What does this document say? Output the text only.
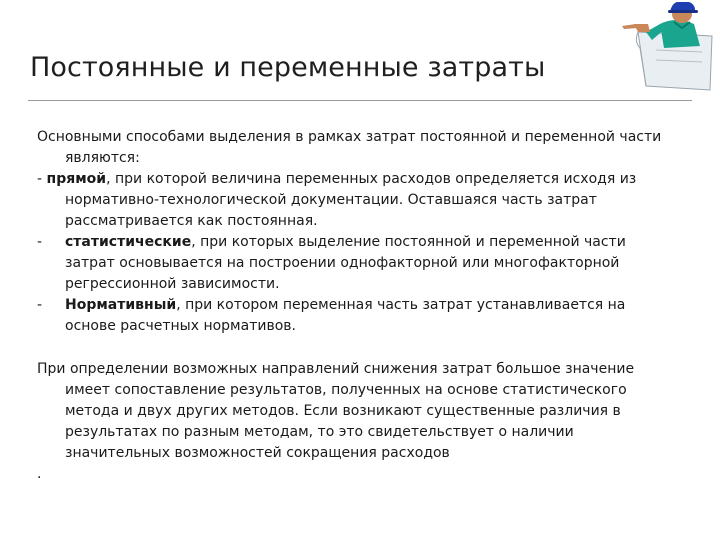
Постоянные и переменные затраты

Основными способами выделения в рамках затрат постоянной и переменной части являются:

- прямой, при которой величина переменных расходов определяется исходя из нормативно-технологической документации. Оставшаяся часть затрат рассматривается как постоянная.

-	статистические, при которых выделение постоянной и переменной части затрат основывается на построении однофакторной или многофакторной регрессионной зависимости.
-	Нормативный, при котором переменная часть затрат устанавливается на основе расчетных нормативов.

При определении возможных направлений снижения затрат большое значение имеет сопоставление результатов, полученных на основе статистического метода и двух других методов. Если возникают существенные различия в результатах по разным методам, то это свидетельствует о наличии значительных возможностей сокращения расходов

.
